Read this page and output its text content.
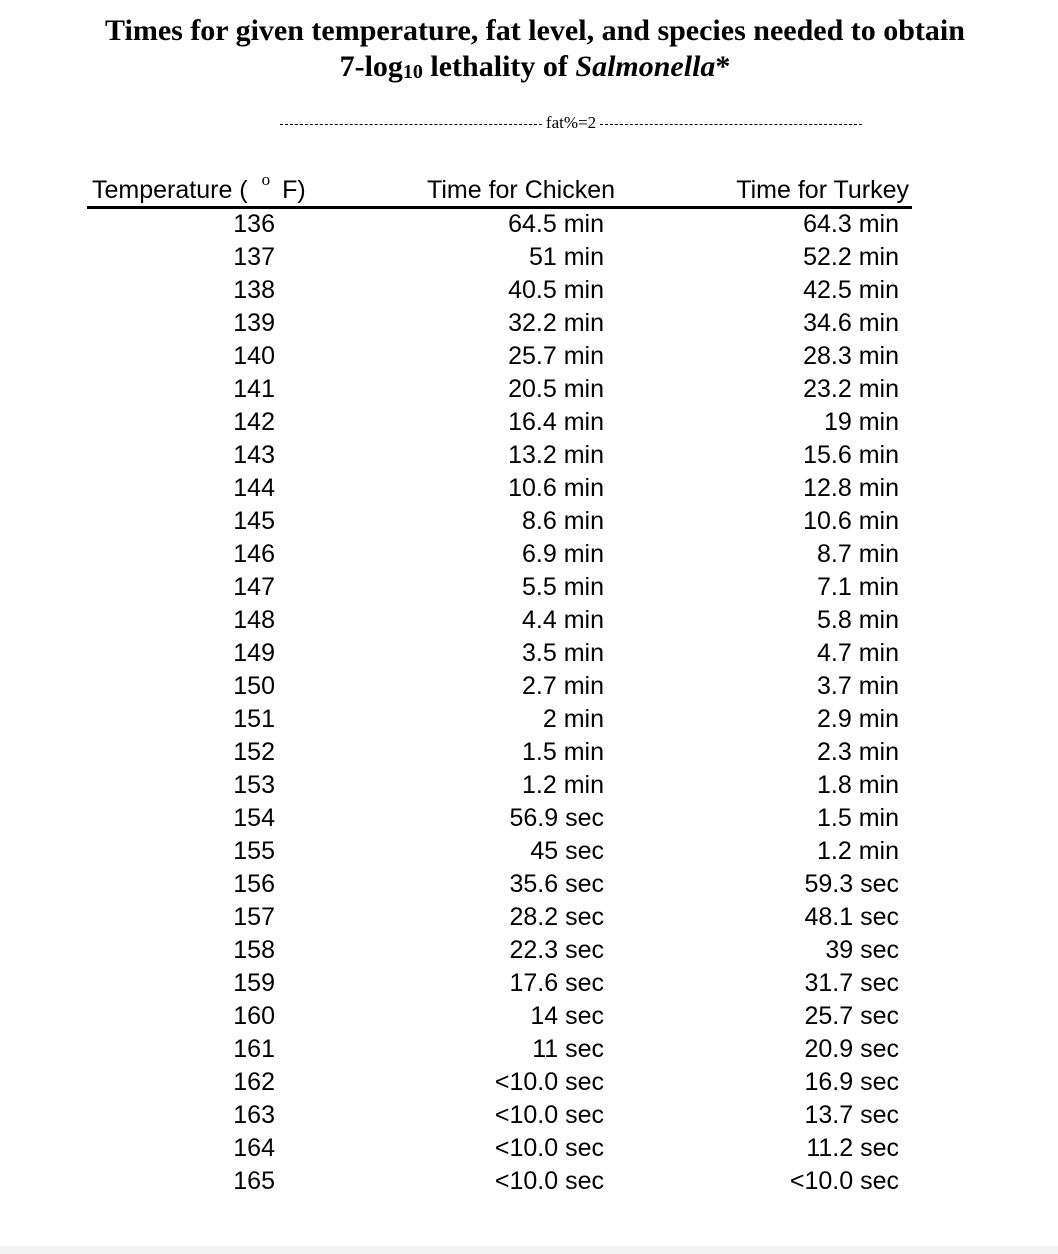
Times for given temperature, fat level, and species needed to obtain
$7-\log_{10}$ lethality of Salmonella*
fat%=2
Temperature ( $^o$ F)	Time for Chicken	Time for Turkey
136	64.5 min	64.3 min
137	51 min	52.2 min
138	40.5 min	42.5 min
139	32.2 min	34.6 min
140	25.7 min	28.3 min
141	20.5 min	23.2 min
142	16.4 min	19 min
143	13.2 min	15.6 min
144	10.6 min	12.8 min
145	8.6 min	10.6 min
146	6.9 min	8.7 min
147	5.5 min	7.1 min
148	4.4 min	5.8 min
149	3.5 min	4.7 min
150	2.7 min	3.7 min
151	2 min	2.9 min
152	1.5 min	2.3 min
153	1.2 min	1.8 min
154	56.9 sec	1.5 min
155	45 sec	1.2 min
156	35.6 sec	59.3 sec
157	28.2 sec	48.1 sec
158	22.3 sec	39 sec
159	17.6 sec	31.7 sec
160	14 sec	25.7 sec
161	11 sec	20.9 sec
162	<10.0 sec	16.9 sec
163	<10.0 sec	13.7 sec
164	<10.0 sec	11.2 sec
165	<10.0 sec	<10.0 sec
